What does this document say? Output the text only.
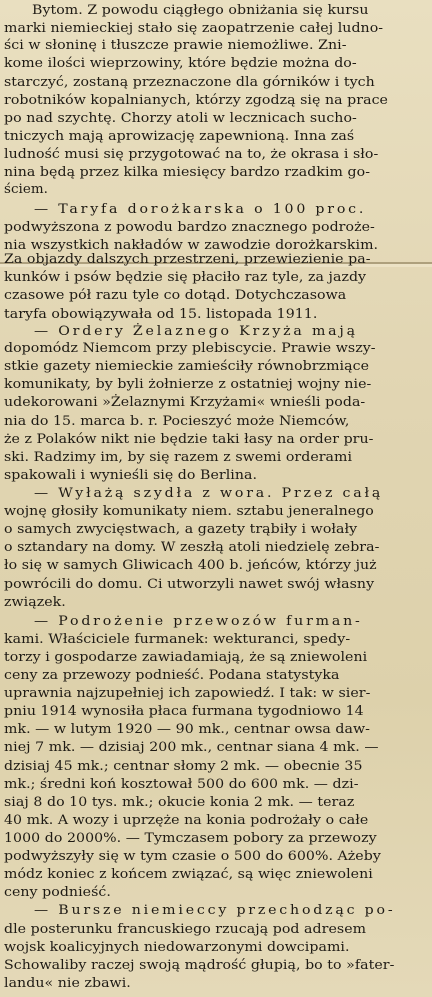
Bytom. Z powodu ciągłego obniżania się kursu
marki niemieckiej stało się zaopatrzenie całej ludno-
ści w słoninę i tłuszcze prawie niemożliwe. Zni-
kome ilości wieprzowiny, które będzie można do-
starczyć, zostaną przeznaczone dla górników i tych
robotników kopalnianych, którzy zgodzą się na prace
po nad szychtę. Chorzy atoli w lecznicach sucho-
tniczych mają aprowizację zapewnioną. Inna zaś
ludność musi się przygotować na to, że okrasa i sło-
nina będą przez kilka miesięcy bardzo rzadkim go-
ściem.
— Taryfa dorożkarska o 100 proc.
podwyższona z powodu bardzo znacznego podroże-
nia wszystkich nakładów w zawodzie dorożkarskim.
Za objazdy dalszych przestrzeni, przewiezienie pa-
kunków i psów będzie się płaciło raz tyle, za jazdy
czasowe pół razu tyle co dotąd. Dotychczasowa
taryfa obowiązywała od 15. listopada 1911.
— Ordery Żelaznego Krzyża mają
dopomódz Niemcom przy plebiscycie. Prawie wszy-
stkie gazety niemieckie zamieściły równobrzmiące
komunikaty, by byli żołnierze z ostatniej wojny nie-
udekorowani »Żelaznymi Krzyżami« wnieśli poda-
nia do 15. marca b. r. Pocieszyć może Niemców,
że z Polaków nikt nie będzie taki łasy na order pru-
ski. Radzimy im, by się razem z swemi orderami
spakowali i wynieśli się do Berlina.
— Wyłażą szydła z wora. Przez całą
wojnę głosiły komunikaty niem. sztabu jeneralnego
o samych zwycięstwach, a gazety trąbiły i wołały
o sztandary na domy. W zeszłą atoli niedzielę zebra-
ło się w samych Gliwicach 400 b. jeńców, którzy już
powrócili do domu. Ci utworzyli nawet swój własny
związek.
— Podrożenie przewozów furman-
kami. Właściciele furmanek: wekturanci, spedy-
torzy i gospodarze zawiadamiają, że są zniewoleni
ceny za przewozy podnieść. Podana statystyka
uprawnia najzupełniej ich zapowiedź. I tak: w sier-
pniu 1914 wynosiła płaca furmana tygodniowo 14
mk. — w lutym 1920 — 90 mk., centnar owsa daw-
niej 7 mk. — dzisiaj 200 mk., centnar siana 4 mk. —
dzisiaj 45 mk.; centnar słomy 2 mk. — obecnie 35
mk.; średni koń kosztował 500 do 600 mk. — dzi-
siaj 8 do 10 tys. mk.; okucie konia 2 mk. — teraz
40 mk. A wozy i uprzęże na konia podrożały o całe
1000 do 2000%. — Tymczasem pobory za przewozy
podwyższyły się w tym czasie o 500 do 600%. Ażeby
módz koniec z końcem związać, są więc zniewoleni
ceny podnieść.
— Bursze niemieccy przechodząc po-
dle posterunku francuskiego rzucają pod adresem
wojsk koalicyjnych niedowarzonymi dowcipami.
Schowaliby raczej swoją mądrość głupią, bo to »fater-
landu« nie zbawi.
